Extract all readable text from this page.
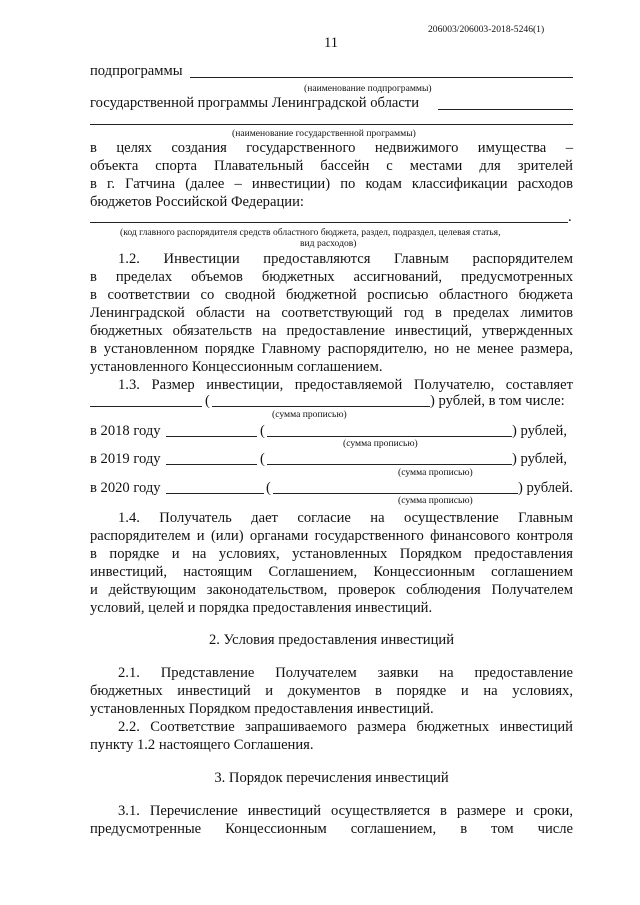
206003/206003-2018-5246(1)
11
подпрограммы
(наименование подпрограммы)
государственной программы Ленинградской области
(наименование государственной программы)
в целях создания государственного недвижимого имущества –
объекта спорта Плавательный бассейн с местами для зрителей
в г. Гатчина (далее – инвестиции) по кодам классификации расходов
бюджетов Российской Федерации:
.
(код главного распорядителя средств областного бюджета, раздел, подраздел, целевая статья,
вид расходов)
1.2. Инвестиции предоставляются Главным распорядителем
в пределах объемов бюджетных ассигнований, предусмотренных
в соответствии со сводной бюджетной росписью областного бюджета
Ленинградской области на соответствующий год в пределах лимитов
бюджетных обязательств на предоставление инвестиций, утвержденных
в установленном порядке Главному распорядителю, но не менее размера,
установленного Концессионным соглашением.
1.3. Размер инвестиции, предоставляемой Получателю, составляет
(	) рублей, в том числе:
(сумма прописью)
в 2018 году	(	) рублей,
(сумма прописью)
в 2019 году	(	) рублей,
(сумма прописью)
в 2020 году	(	) рублей.
(сумма прописью)
1.4. Получатель дает согласие на осуществление Главным
распорядителем и (или) органами государственного финансового контроля
в порядке и на условиях, установленных Порядком предоставления
инвестиций, настоящим Соглашением, Концессионным соглашением
и действующим законодательством, проверок соблюдения Получателем
условий, целей и порядка предоставления инвестиций.
2. Условия предоставления инвестиций
2.1. Представление Получателем заявки на предоставление
бюджетных инвестиций и документов в порядке и на условиях,
установленных Порядком предоставления инвестиций.
2.2. Соответствие запрашиваемого размера бюджетных инвестиций
пункту 1.2 настоящего Соглашения.
3. Порядок перечисления инвестиций
3.1. Перечисление инвестиций осуществляется в размере и сроки,
предусмотренные Концессионным соглашением, в том числе
